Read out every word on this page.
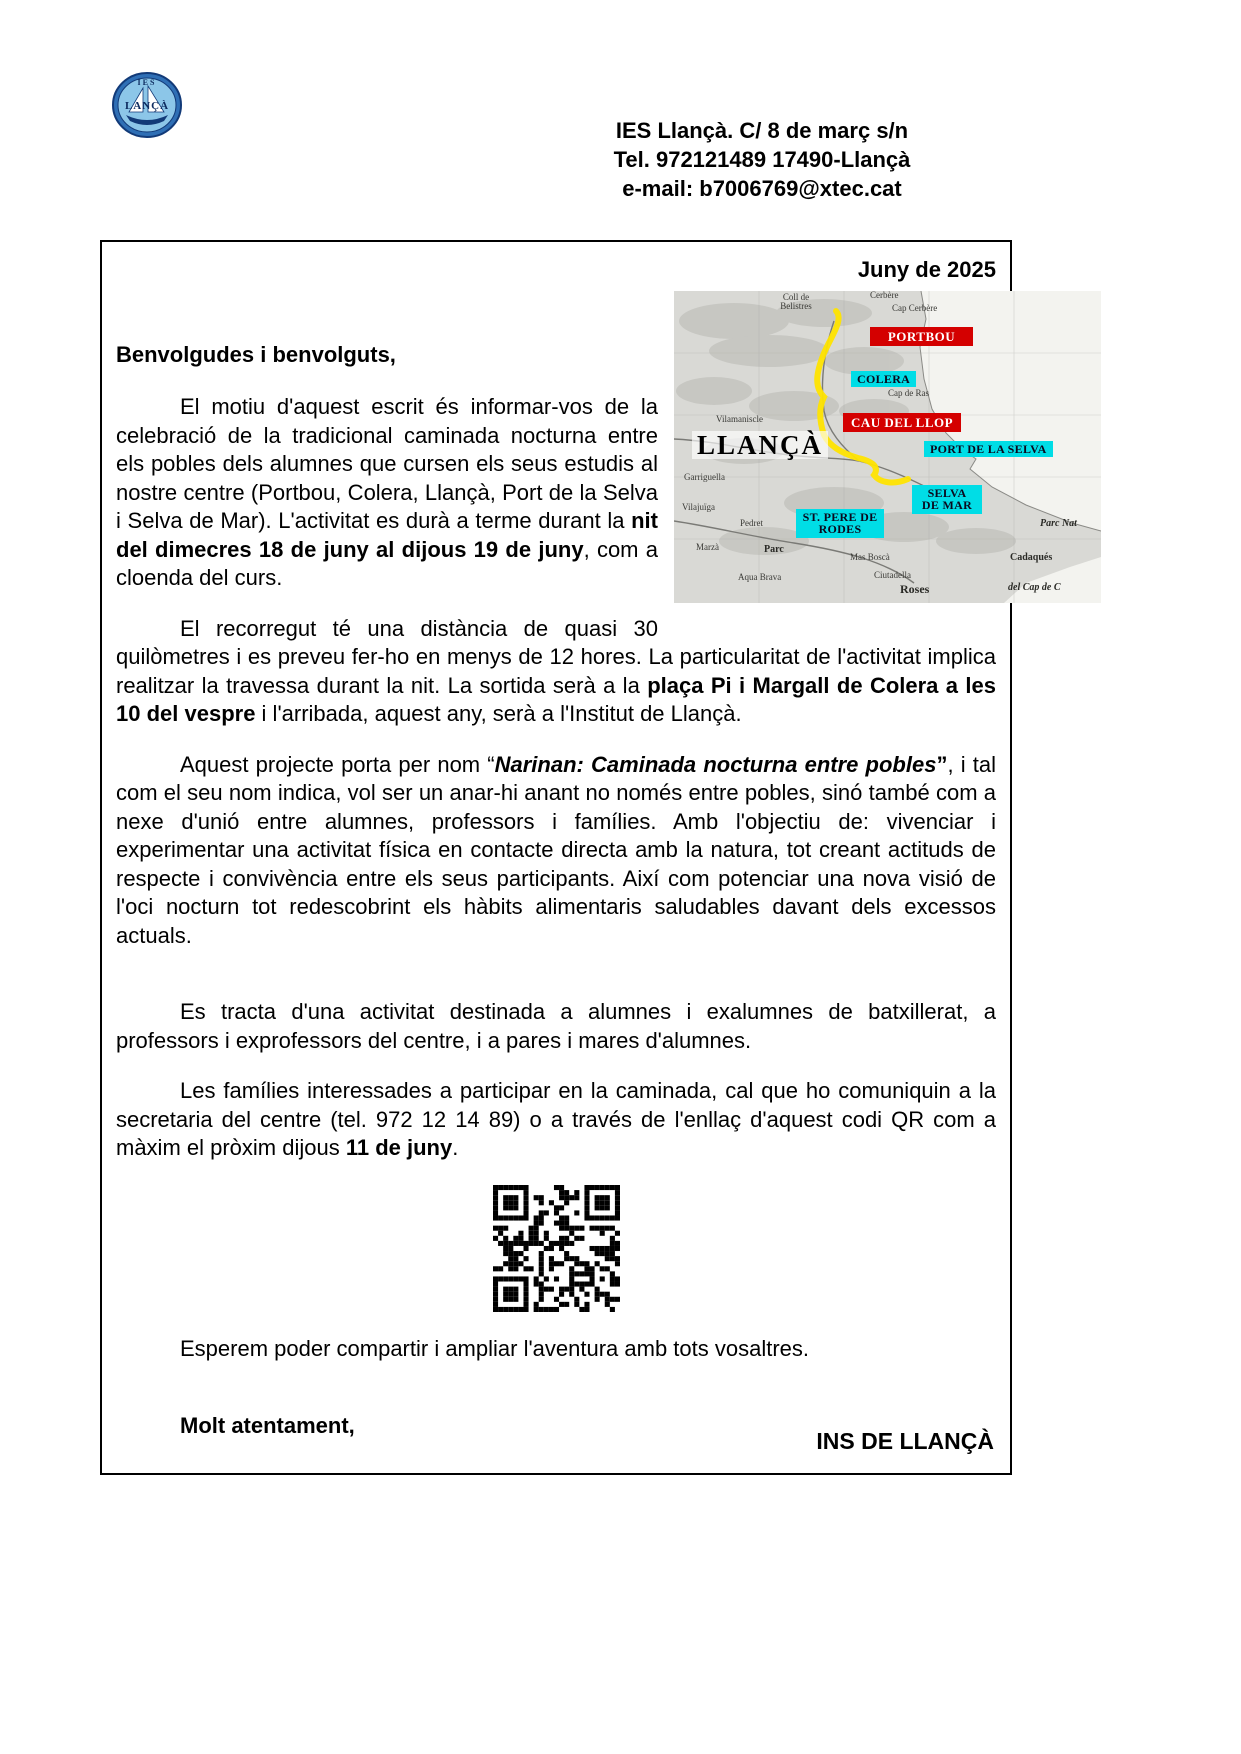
IES
LANÇÀ
IES Llançà. C/ 8 de març s/n
Tel. 972121489 17490-Llançà
e-mail: b7006769@xtec.cat
Juny de 2025
Cerbère
Cap Cerbère
Coll de Belistres
PORTBOU
COLERA
Cap de Ras
Vilamaniscle	CAU DEL LLOP
LLANÇÀ	PORT DE LA SELVA
SELVA DE MAR
ST. PERE DE RODES
Garriguella
Vilajuïga
Pedret
Marzà	Parc
Aqua Brava
Mas Boscà
Ciutadella
Roses
Cadaqués
Parc Nat
del Cap de C

Benvolgudes i benvolguts,

El motiu d'aquest escrit és informar-vos de la celebració de la tradicional caminada nocturna entre els pobles dels alumnes que cursen els seus estudis al nostre centre (Portbou, Colera, Llançà, Port de la Selva i Selva de Mar). L'activitat es durà a terme durant la nit del dimecres 18 de juny al dijous 19 de juny, com a cloenda del curs.

El recorregut té una distància de quasi 30 quilòmetres i es preveu fer-ho en menys de 12 hores. La particularitat de l'activitat implica realitzar la travessa durant la nit. La sortida serà a la plaça Pi i Margall de Colera a les 10 del vespre i l'arribada, aquest any, serà a l'Institut de Llançà.

Aquest projecte porta per nom “Narinan: Caminada nocturna entre pobles”, i tal com el seu nom indica, vol ser un anar-hi anant no només entre pobles, sinó també com a nexe d'unió entre alumnes, professors i famílies. Amb l'objectiu de: vivenciar i experimentar una activitat física en contacte directa amb la natura, tot creant actituds de respecte i convivència entre els seus participants. Així com potenciar una nova visió de l'oci nocturn tot redescobrint els hàbits alimentaris saludables davant dels excessos actuals.

Es tracta d'una activitat destinada a alumnes i exalumnes de batxillerat, a professors i exprofessors del centre, i a pares i mares d'alumnes.

Les famílies interessades a participar en la caminada, cal que ho comuniquin a la secretaria del centre (tel. 972 12 14 89) o a través de l'enllaç d'aquest codi QR com a màxim el pròxim dijous 11 de juny.

Esperem poder compartir i ampliar l'aventura amb tots vosaltres.

Molt atentament,

INS DE LLANÇÀ
